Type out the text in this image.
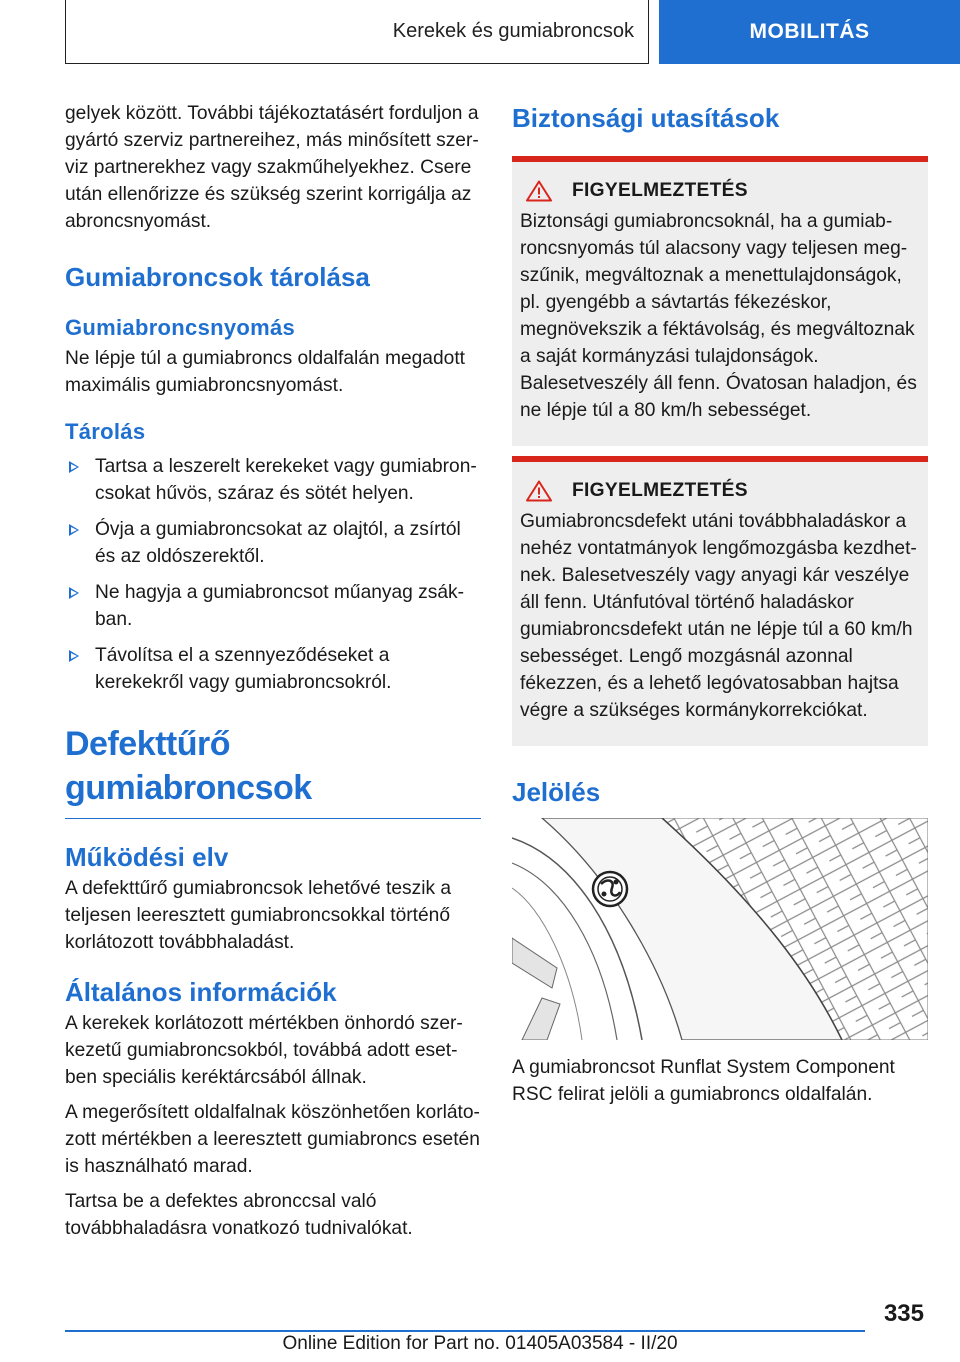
Kerekek és gumiabroncsok	MOBILITÁS

gelyek között. További tájékoztatásért forduljon a gyártó szerviz partnereihez, más minősített szerviz partnerekhez vagy szakműhelyekhez. Csere után ellenőrizze és szükség szerint korrigálja az abroncsnyomást.

Gumiabroncsok tárolása
Gumiabroncsnyomás

Ne lépje túl a gumiabroncs oldalfalán megadott maximális gumiabroncsnyomást.

Tárolás
Tartsa a leszerelt kerekeket vagy gumiabroncsokat hűvös, száraz és sötét helyen.
Óvja a gumiabroncsokat az olajtól, a zsírtól és az oldószerektől.
Ne hagyja a gumiabroncsot műanyag zsákban.
Távolítsa el a szennyeződéseket a kerekekről vagy gumiabroncsokról.
Defekttűrő gumiabroncsok
Működési elv

A defekttűrő gumiabroncsok lehetővé teszik a teljesen leeresztett gumiabroncsokkal történő korlátozott továbbhaladást.

Általános információk

A kerekek korlátozott mértékben önhordó szerkezetű gumiabroncsokból, továbbá adott esetben speciális keréktárcsából állnak.

A megerősített oldalfalnak köszönhetően korlátozott mértékben a leeresztett gumiabroncs esetén is használható marad.

Tartsa be a defektes abronccsal való továbbhaladásra vonatkozó tudnivalókat.

Biztonsági utasítások
FIGYELMEZTETÉS

Biztonsági gumiabroncsoknál, ha a gumiabroncsnyomás túl alacsony vagy teljesen megszűnik, megváltoznak a menettulajdonságok, pl. gyengébb a sávtartás fékezéskor, megnövekszik a féktávolság, és megváltoznak a saját kormányzási tulajdonságok. Balesetveszély áll fenn. Óvatosan haladjon, és ne lépje túl a 80 km/h sebességet.

FIGYELMEZTETÉS

Gumiabroncsdefekt utáni továbbhaladáskor a nehéz vontatmányok lengőmozgásba kezdhetnek. Balesetveszély vagy anyagi kár veszélye áll fenn. Utánfutóval történő haladáskor gumiabroncsdefekt után ne lépje túl a 60 km/h sebességet. Lengő mozgásnál azonnal fékezzen, és a lehető legóvatosabban hajtsa végre a szükséges kormánykorrekciókat.

Jelölés

A gumiabroncsot Runflat System Component RSC felirat jelöli a gumiabroncs oldalfalán.

335
Online Edition for Part no. 01405A03584 - II/20
